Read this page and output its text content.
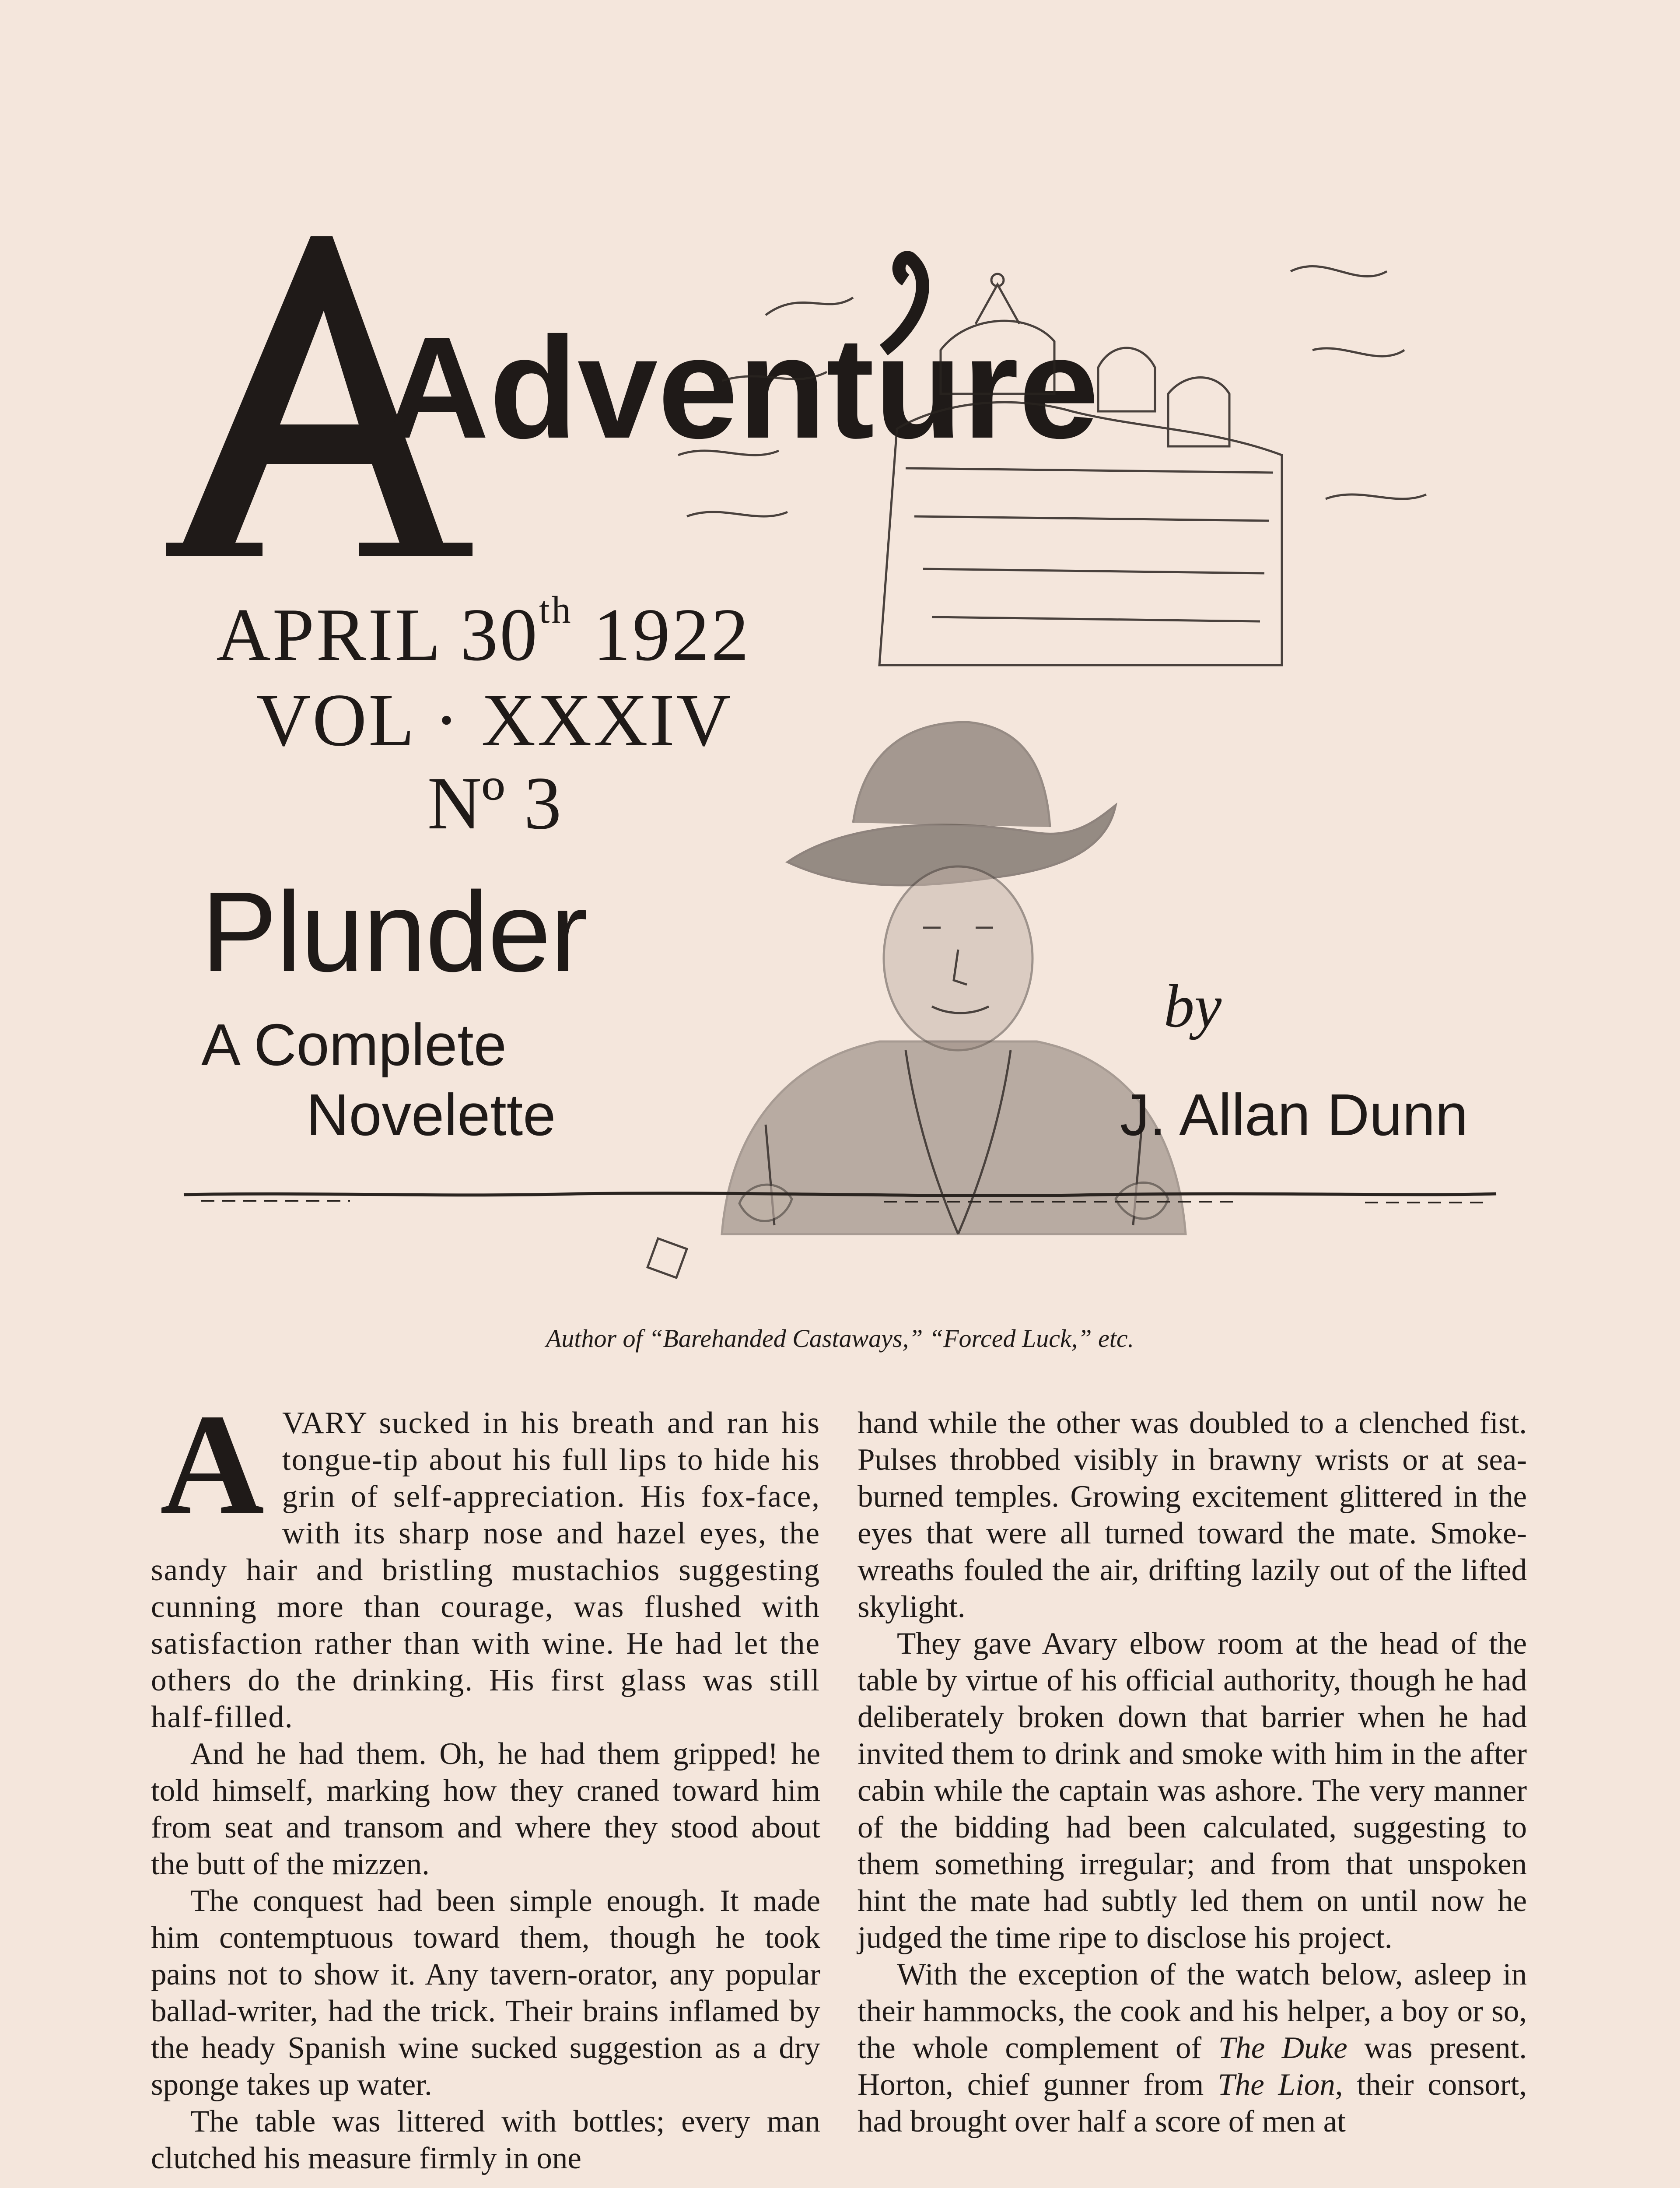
Adventure
APRIL 30th 1922
VOL · XXXIV
Nº 3
Plunder
A Complete
Novelette
by
J. Allan Dunn
Author of “Barehanded Castaways,” “Forced Luck,” etc.

AVARY sucked in his breath and ran his tongue-tip about his full lips to hide his grin of self-appreciation. His fox-face, with its sharp nose and hazel eyes, the sandy hair and bristling mustachios suggesting cunning more than courage, was flushed with satisfaction rather than with wine. He had let the others do the drinking. His first glass was still half-filled.

And he had them. Oh, he had them gripped! he told himself, marking how they craned toward him from seat and transom and where they stood about the butt of the mizzen.

The conquest had been simple enough. It made him contemptuous toward them, though he took pains not to show it. Any tavern-orator, any popular ballad-writer, had the trick. Their brains inflamed by the heady Spanish wine sucked suggestion as a dry sponge takes up water.

The table was littered with bottles; every man clutched his measure firmly in one

hand while the other was doubled to a clenched fist. Pulses throbbed visibly in brawny wrists or at sea-burned temples. Growing excitement glittered in the eyes that were all turned toward the mate. Smoke-wreaths fouled the air, drifting lazily out of the lifted skylight.

They gave Avary elbow room at the head of the table by virtue of his official authority, though he had deliberately broken down that barrier when he had invited them to drink and smoke with him in the after cabin while the captain was ashore. The very manner of the bidding had been calculated, suggesting to them something irregular; and from that unspoken hint the mate had subtly led them on until now he judged the time ripe to disclose his project.

With the exception of the watch below, asleep in their hammocks, the cook and his helper, a boy or so, the whole complement of The Duke was present. Horton, chief gunner from The Lion, their consort, had brought over half a score of men at
